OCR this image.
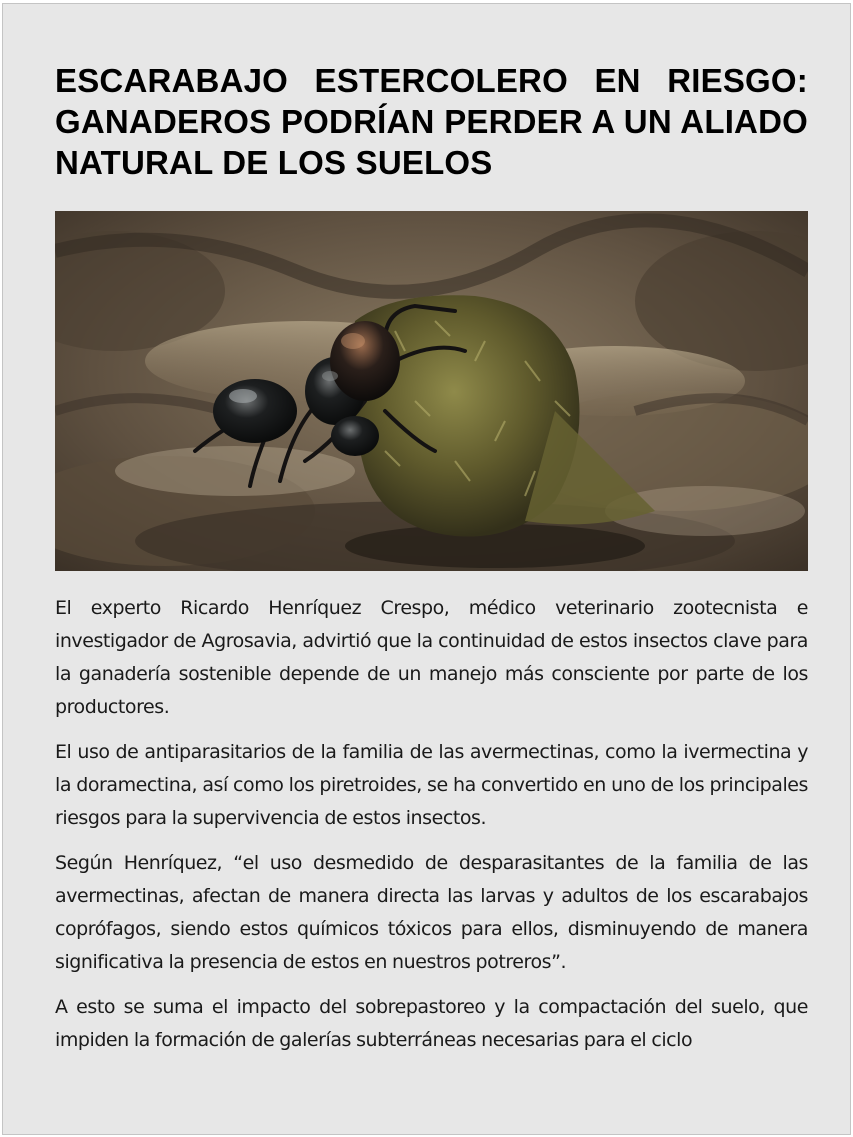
ESCARABAJO ESTERCOLERO EN RIESGO: GANADEROS PODRÍAN PERDER A UN ALIADO NATURAL DE LOS SUELOS

El experto Ricardo Henríquez Crespo, médico veterinario zootecnista e investigador de Agrosavia, advirtió que la continuidad de estos insectos clave para la ganadería sostenible depende de un manejo más consciente por parte de los productores.

El uso de antiparasitarios de la familia de las avermectinas, como la ivermectina y la doramectina, así como los piretroides, se ha convertido en uno de los principales riesgos para la supervivencia de estos insectos.

Según Henríquez, “el uso desmedido de desparasitantes de la familia de las avermectinas, afectan de manera directa las larvas y adultos de los escarabajos coprófagos, siendo estos químicos tóxicos para ellos, disminuyendo de manera significativa la presencia de estos en nuestros potreros”.

A esto se suma el impacto del sobrepastoreo y la compactación del suelo, que impiden la formación de galerías subterráneas necesarias para el ciclo
